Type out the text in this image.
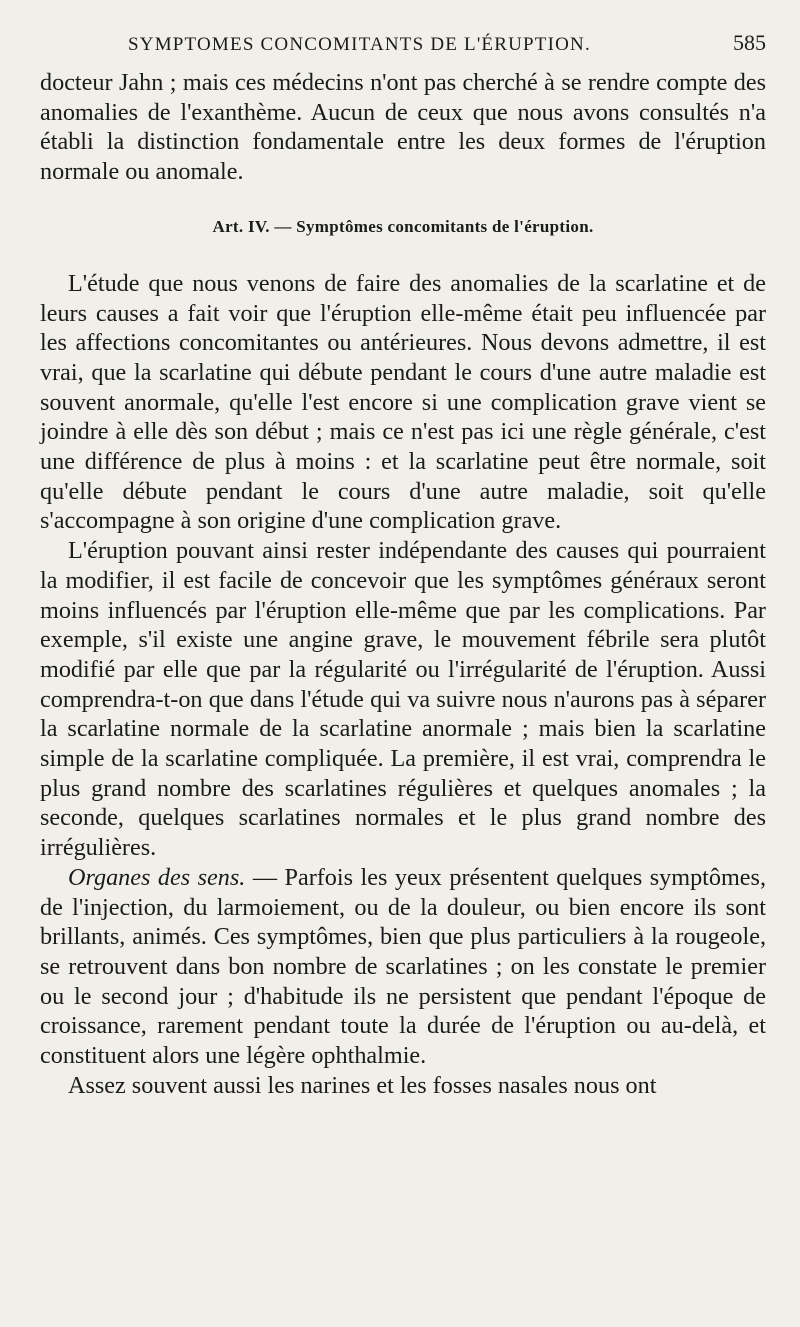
SYMPTOMES CONCOMITANTS DE L'ÉRUPTION.	585

docteur Jahn ; mais ces médecins n'ont pas cherché à se rendre compte des anomalies de l'exanthème. Aucun de ceux que nous avons consultés n'a établi la distinction fondamentale entre les deux formes de l'éruption normale ou anomale.

Art. IV. — Symptômes concomitants de l'éruption.

L'étude que nous venons de faire des anomalies de la scarlatine et de leurs causes a fait voir que l'éruption elle-même était peu influencée par les affections concomitantes ou antérieures. Nous devons admettre, il est vrai, que la scarlatine qui débute pendant le cours d'une autre maladie est souvent anormale, qu'elle l'est encore si une complication grave vient se joindre à elle dès son début ; mais ce n'est pas ici une règle générale, c'est une différence de plus à moins : et la scarlatine peut être normale, soit qu'elle débute pendant le cours d'une autre maladie, soit qu'elle s'accompagne à son origine d'une complication grave.

L'éruption pouvant ainsi rester indépendante des causes qui pourraient la modifier, il est facile de concevoir que les symptômes généraux seront moins influencés par l'éruption elle-même que par les complications. Par exemple, s'il existe une angine grave, le mouvement fébrile sera plutôt modifié par elle que par la régularité ou l'irrégularité de l'éruption. Aussi comprendra-t-on que dans l'étude qui va suivre nous n'aurons pas à séparer la scarlatine normale de la scarlatine anormale ; mais bien la scarlatine simple de la scarlatine compliquée. La première, il est vrai, comprendra le plus grand nombre des scarlatines régulières et quelques anomales ; la seconde, quelques scarlatines normales et le plus grand nombre des irrégulières.

Organes des sens. — Parfois les yeux présentent quelques symptômes, de l'injection, du larmoiement, ou de la douleur, ou bien encore ils sont brillants, animés. Ces symptômes, bien que plus particuliers à la rougeole, se retrouvent dans bon nombre de scarlatines ; on les constate le premier ou le second jour ; d'habitude ils ne persistent que pendant l'époque de croissance, rarement pendant toute la durée de l'éruption ou au-delà, et constituent alors une légère ophthalmie.

Assez souvent aussi les narines et les fosses nasales nous ont
